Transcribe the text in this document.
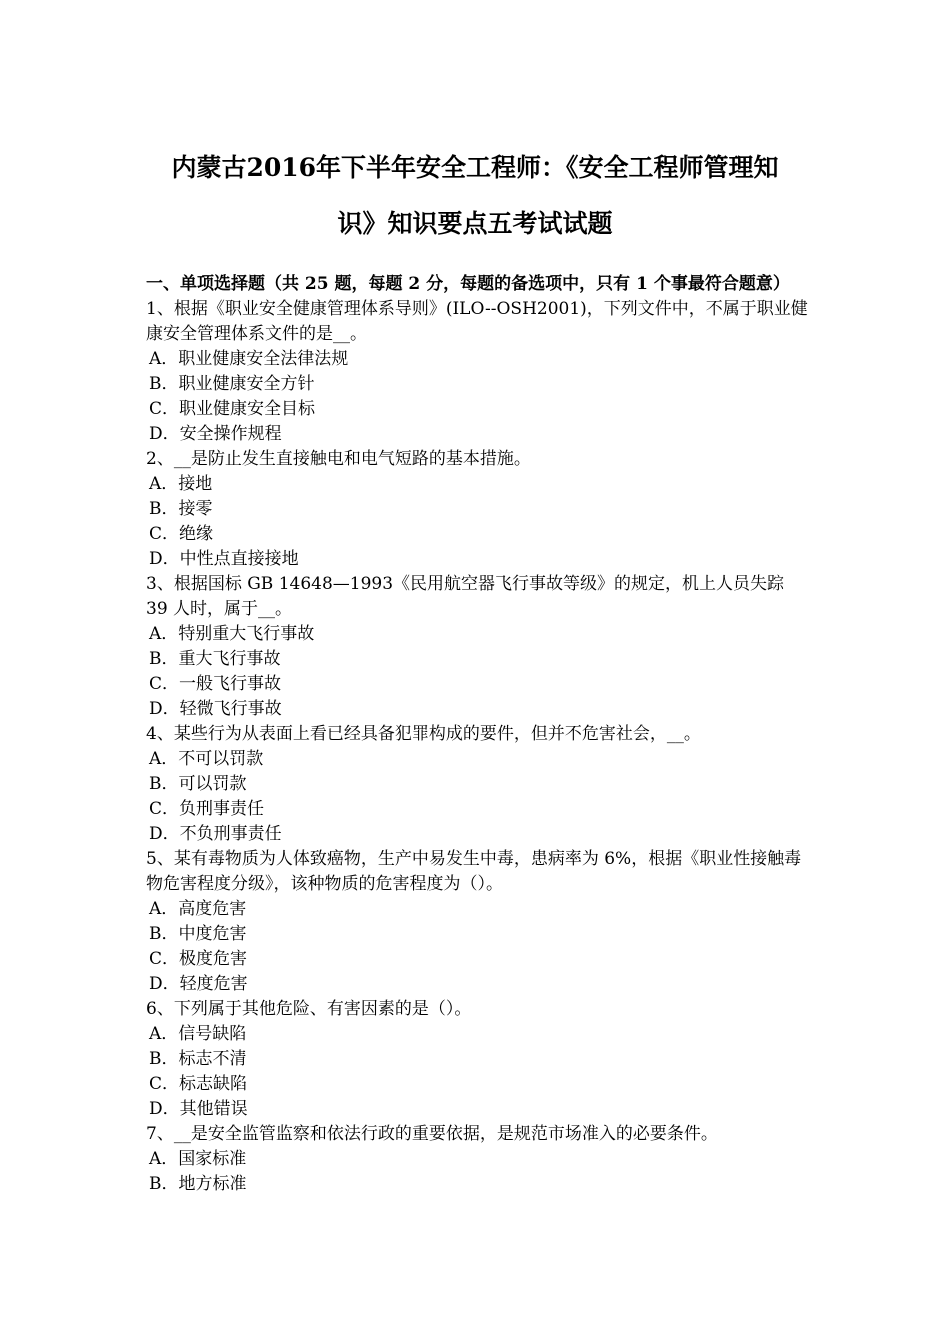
内蒙古2016年下半年安全工程师：《安全工程师管理知
识》知识要点五考试试题

一、单项选择题（共 25 题，每题 2 分，每题的备选项中，只有 1 个事最符合题意）

1、根据《职业安全健康管理体系导则》(ILO--OSH2001)，下列文件中，不属于职业健康安全管理体系文件的是__。

A．职业健康安全法律法规

B．职业健康安全方针

C．职业健康安全目标

D．安全操作规程

2、__是防止发生直接触电和电气短路的基本措施。

A．接地

B．接零

C．绝缘

D．中性点直接接地

3、根据国标 GB 14648—1993《民用航空器飞行事故等级》的规定，机上人员失踪 39 人时，属于__。

A．特别重大飞行事故

B．重大飞行事故

C．一般飞行事故

D．轻微飞行事故

4、某些行为从表面上看已经具备犯罪构成的要件，但并不危害社会，__。

A．不可以罚款

B．可以罚款

C．负刑事责任

D．不负刑事责任

5、某有毒物质为人体致癌物，生产中易发生中毒，患病率为 6%，根据《职业性接触毒物危害程度分级》，该种物质的危害程度为（）。

A．高度危害

B．中度危害

C．极度危害

D．轻度危害

6、下列属于其他危险、有害因素的是（）。

A．信号缺陷

B．标志不清

C．标志缺陷

D．其他错误

7、__是安全监管监察和依法行政的重要依据，是规范市场准入的必要条件。

A．国家标准

B．地方标准
